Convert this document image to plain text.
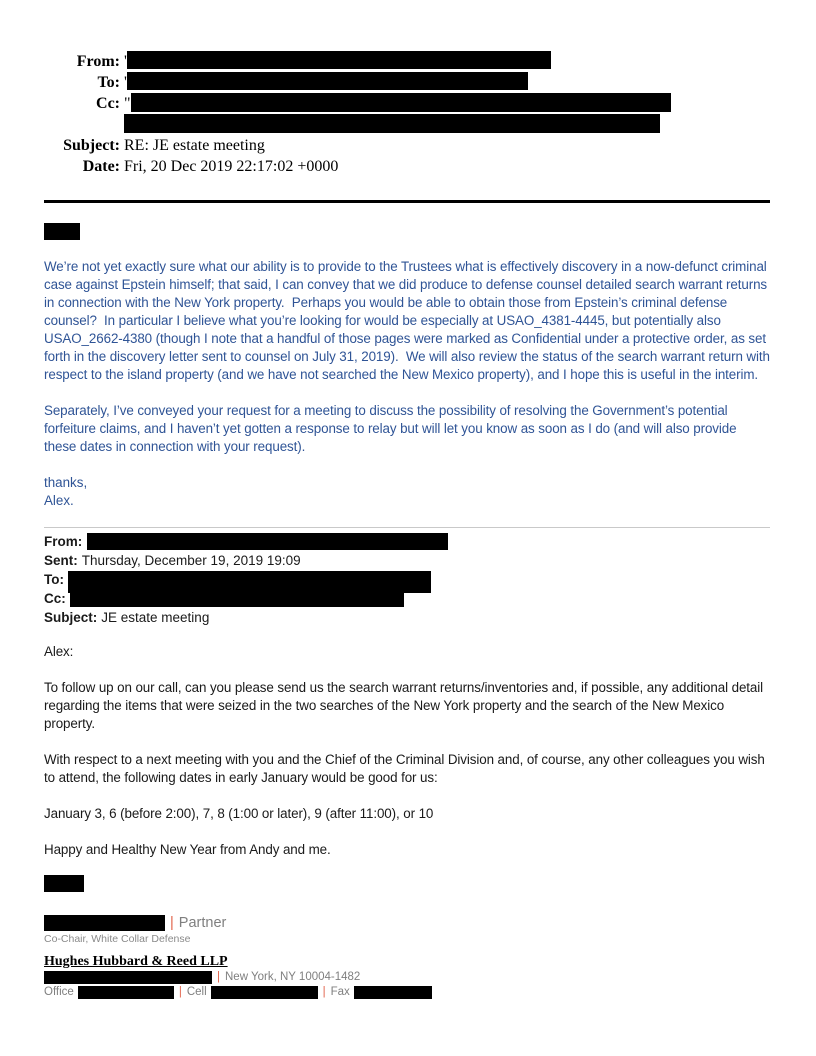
From: '
To: '
Cc: "
Subject: RE: JE estate meeting
Date: Fri, 20 Dec 2019 22:17:02 +0000
We’re not yet exactly sure what our ability is to provide to the Trustees what is effectively discovery in a now-defunct criminal case against Epstein himself; that said, I can convey that we did produce to defense counsel detailed search warrant returns in connection with the New York property.  Perhaps you would be able to obtain those from Epstein’s criminal defense counsel?  In particular I believe what you’re looking for would be especially at USAO_4381-4445, but potentially also USAO_2662-4380 (though I note that a handful of those pages were marked as Confidential under a protective order, as set forth in the discovery letter sent to counsel on July 31, 2019).  We will also review the status of the search warrant return with respect to the island property (and we have not searched the New Mexico property), and I hope this is useful in the interim.
Separately, I’ve conveyed your request for a meeting to discuss the possibility of resolving the Government’s potential forfeiture claims, and I haven’t yet gotten a response to relay but will let you know as soon as I do (and will also provide these dates in connection with your request).
thanks,
Alex.
From:
Sent: Thursday, December 19, 2019 19:09
To:
Cc:
Subject: JE estate meeting
Alex:
To follow up on our call, can you please send us the search warrant returns/inventories and, if possible, any additional detail regarding the items that were seized in the two searches of the New York property and the search of the New Mexico property.
With respect to a next meeting with you and the Chief of the Criminal Division and, of course, any other colleagues you wish to attend, the following dates in early January would be good for us:
January 3, 6 (before 2:00), 7, 8 (1:00 or later), 9 (after 11:00), or 10
Happy and Healthy New Year from Andy and me.
| Partner
Co-Chair, White Collar Defense
Hughes Hubbard & Reed LLP
| New York, NY 10004-1482
Office	| Cell	| Fax
